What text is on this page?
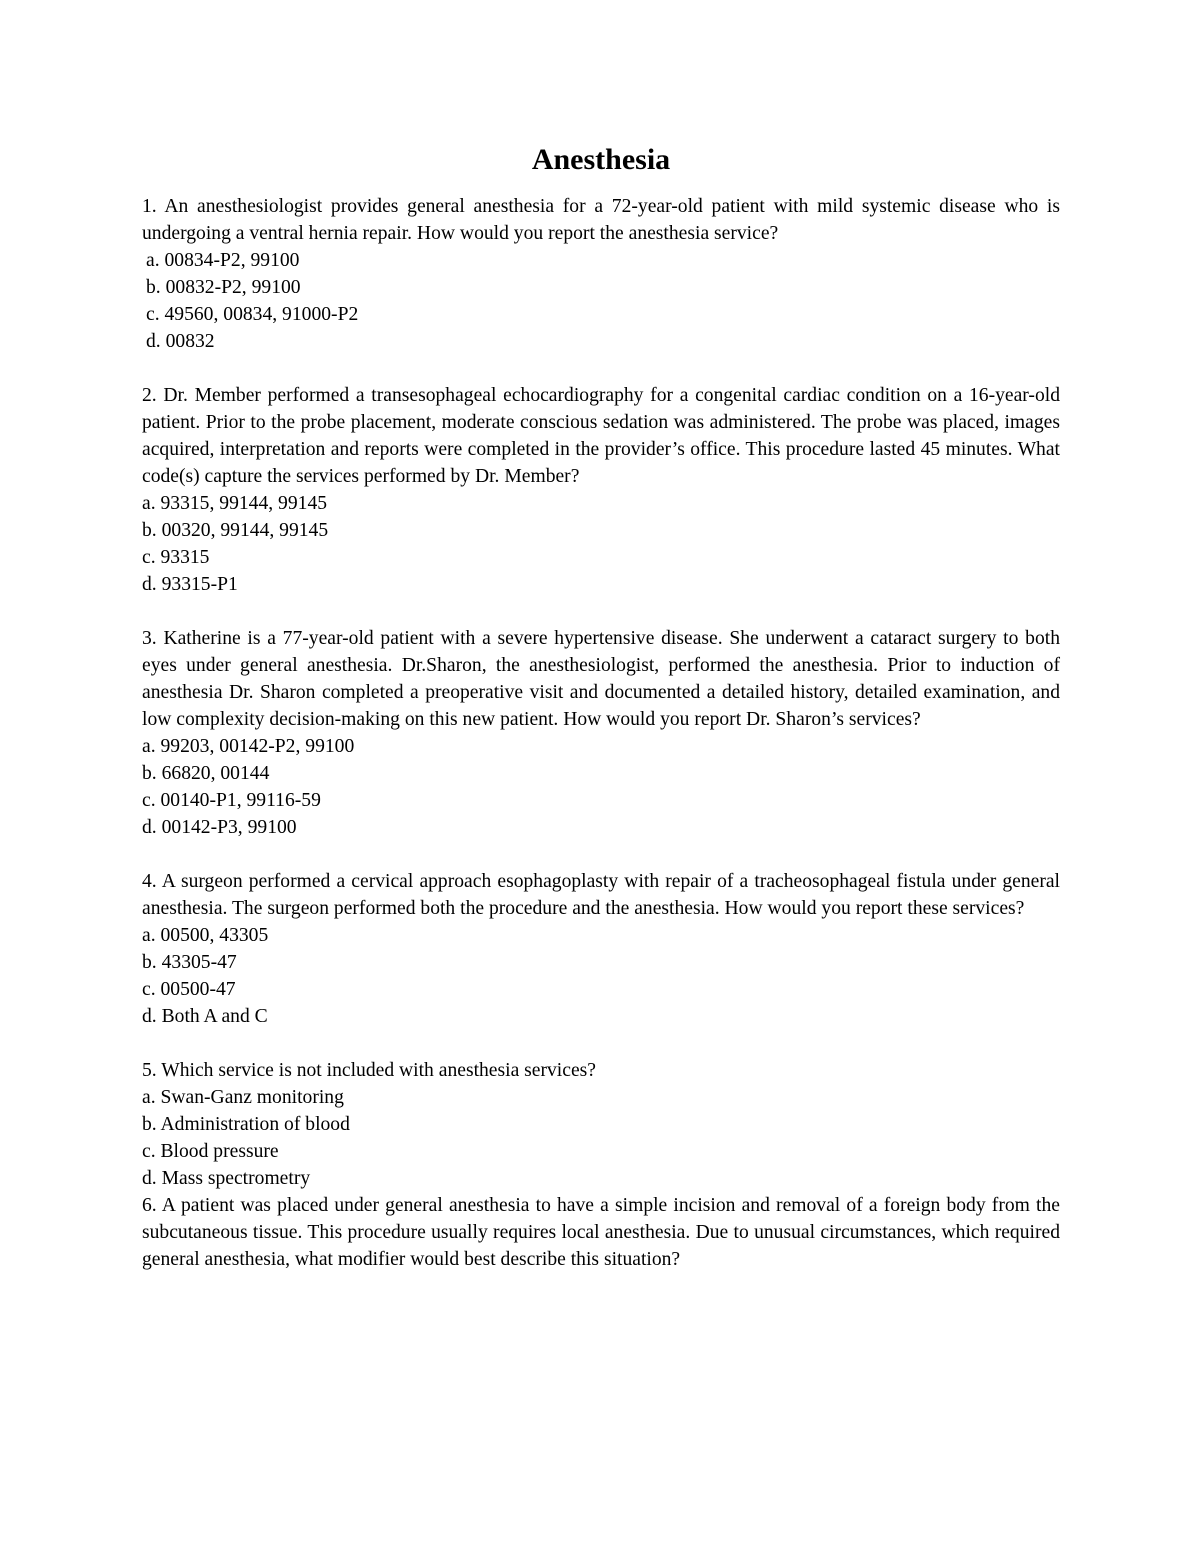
Anesthesia
1. An anesthesiologist provides general anesthesia for a 72-year-old patient with mild systemic disease who is undergoing a ventral hernia repair. How would you report the anesthesia service?
a. 00834-P2, 99100
b. 00832-P2, 99100
c. 49560, 00834, 91000-P2
d. 00832
2. Dr. Member performed a transesophageal echocardiography for a congenital cardiac condition on a 16-year-old patient. Prior to the probe placement, moderate conscious sedation was administered. The probe was placed, images acquired, interpretation and reports were completed in the provider’s office. This procedure lasted 45 minutes. What code(s) capture the services performed by Dr. Member?
a. 93315, 99144, 99145
b. 00320, 99144, 99145
c. 93315
d. 93315-P1
3. Katherine is a 77-year-old patient with a severe hypertensive disease. She underwent a cataract surgery to both eyes under general anesthesia. Dr.Sharon, the anesthesiologist, performed the anesthesia. Prior to induction of anesthesia Dr. Sharon completed a preoperative visit and documented a detailed history, detailed examination, and low complexity decision-making on this new patient. How would you report Dr. Sharon’s services?
a. 99203, 00142-P2, 99100
b. 66820, 00144
c. 00140-P1, 99116-59
d. 00142-P3, 99100
4. A surgeon performed a cervical approach esophagoplasty with repair of a tracheosophageal fistula under general anesthesia. The surgeon performed both the procedure and the anesthesia. How would you report these services?
a. 00500, 43305
b. 43305-47
c. 00500-47
d. Both A and C
5. Which service is not included with anesthesia services?
a. Swan-Ganz monitoring
b. Administration of blood
c. Blood pressure
d. Mass spectrometry
6. A patient was placed under general anesthesia to have a simple incision and removal of a foreign body from the subcutaneous tissue. This procedure usually requires local anesthesia. Due to unusual circumstances, which required general anesthesia, what modifier would best describe this situation?
